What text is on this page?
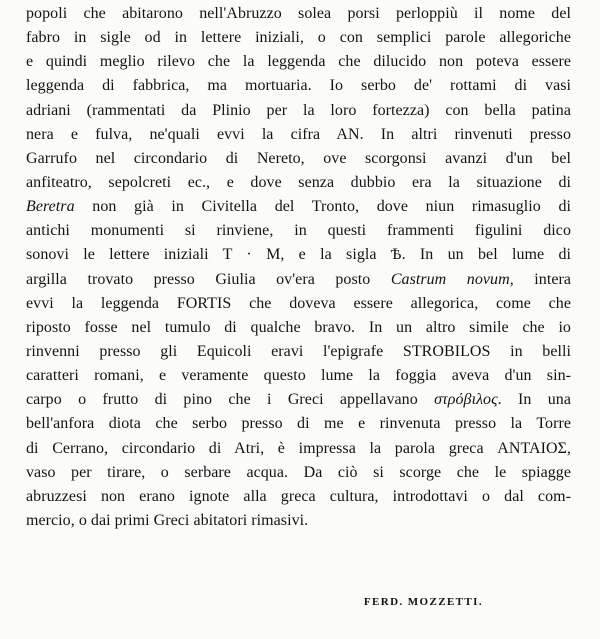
popoli che abitarono nell'Abruzzo solea porsi perloppiù il nome del
fabro in sigle od in lettere iniziali, o con semplici parole allegoriche
e quindi meglio rilevo che la leggenda che dilucido non poteva essere
leggenda di fabbrica, ma mortuaria. Io serbo de' rottami di vasi
adriani (rammentati da Plinio per la loro fortezza) con bella patina
nera e fulva, ne'quali evvi la cifra AN. In altri rinvenuti presso
Garrufo nel circondario di Nereto, ove scorgonsi avanzi d'un bel
anfiteatro, sepolcreti ec., e dove senza dubbio era la situazione di
Beretra non già in Civitella del Tronto, dove niun rimasuglio di
antichi monumenti si rinviene, in questi frammenti figulini dico
sonovi le lettere iniziali T · M, e la sigla Ѣ. In un bel lume di
argilla trovato presso Giulia ov'era posto Castrum novum, intera
evvi la leggenda FORTIS che doveva essere allegorica, come che
riposto fosse nel tumulo di qualche bravo. In un altro simile che io
rinvenni presso gli Equicoli eravi l'epigrafe STROBILOS in belli
caratteri romani, e veramente questo lume la foggia aveva d'un sin-
carpo o frutto di pino che i Greci appellavano στρόβιλος. In una
bell'anfora diota che serbo presso di me e rinvenuta presso la Torre
di Cerrano, circondario di Atri, è impressa la parola greca ΑΝΤΑΙΟΣ,
vaso per tirare, o serbare acqua. Da ciò si scorge che le spiagge
abruzzesi non erano ignote alla greca cultura, introdottavi o dal com-
mercio, o dai primi Greci abitatori rimasivi.
FERD. MOZZETTI.
